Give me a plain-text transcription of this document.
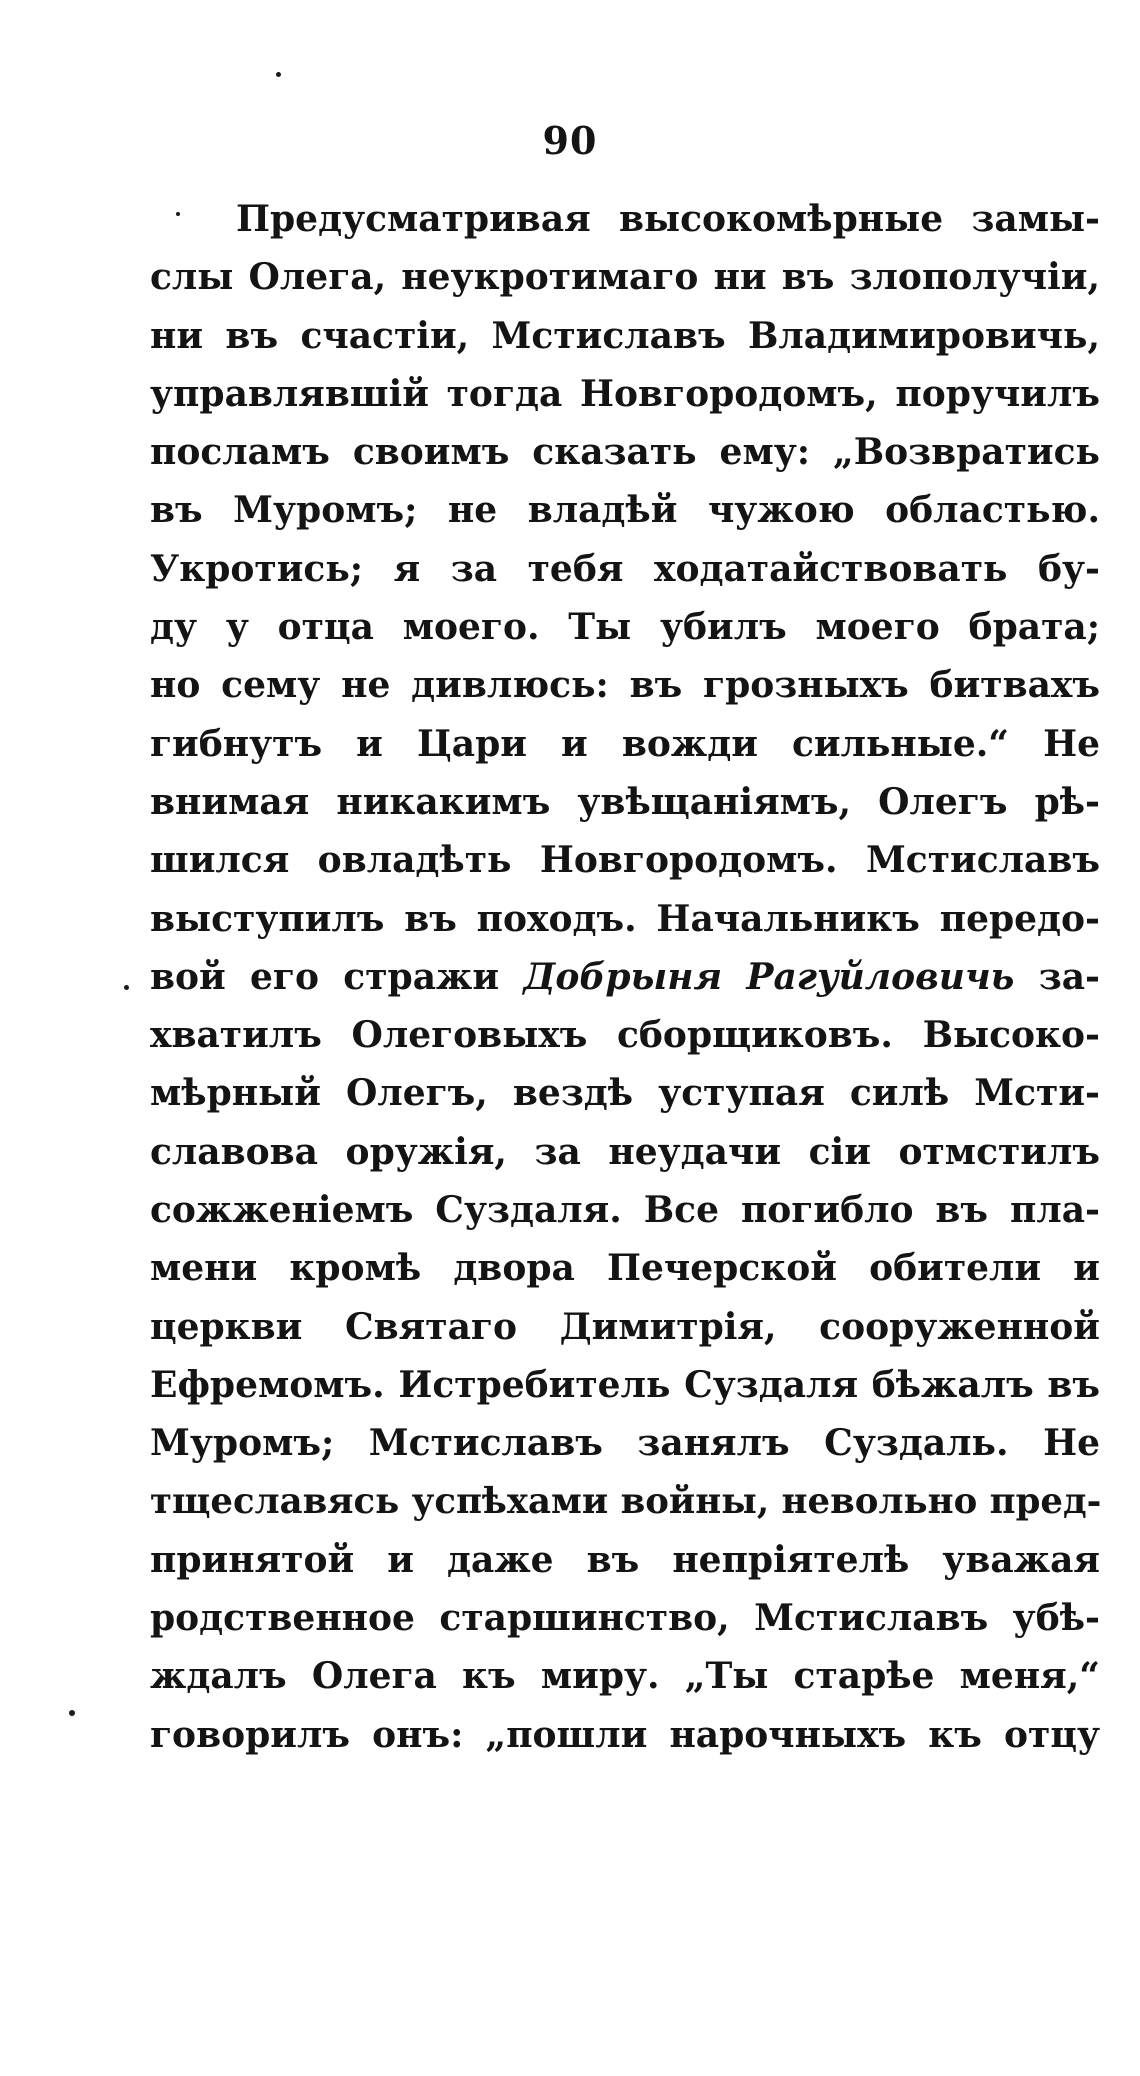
90
Предусматривая высокомѣрные замы-
слы Олега, неукротимаго ни въ злополучіи,
ни въ счастіи, Мстиславъ Владимировичь,
управлявшій тогда Новгородомъ, поручилъ
посламъ своимъ сказать ему: „Возвратись
въ Муромъ; не владѣй чужою областью.
Укротись; я за тебя ходатайствовать бу-
ду у отца моего. Ты убилъ моего брата;
но сему не дивлюсь: въ грозныхъ битвахъ
гибнутъ и Цари и вожди сильные.“ Не
внимая никакимъ увѣщаніямъ, Олегъ рѣ-
шился овладѣть Новгородомъ. Мстиславъ
выступилъ въ походъ. Начальникъ передо-
вой его стражи Добрыня Рагуйловичь за-
хватилъ Олеговыхъ сборщиковъ. Высоко-
мѣрный Олегъ, вездѣ уступая силѣ Мсти-
славова оружія, за неудачи сіи отмстилъ
сожженіемъ Суздаля. Все погибло въ пла-
мени кромѣ двора Печерской обители и
церкви Святаго Димитрія, сооруженной
Ефремомъ. Истребитель Суздаля бѣжалъ въ
Муромъ; Мстиславъ занялъ Суздаль. Не
тщеславясь успѣхами войны, невольно пред-
принятой и даже въ непріятелѣ уважая
родственное старшинство, Мстиславъ убѣ-
ждалъ Олега къ миру. „Ты старѣе меня,“
говорилъ онъ: „пошли нарочныхъ къ отцу
